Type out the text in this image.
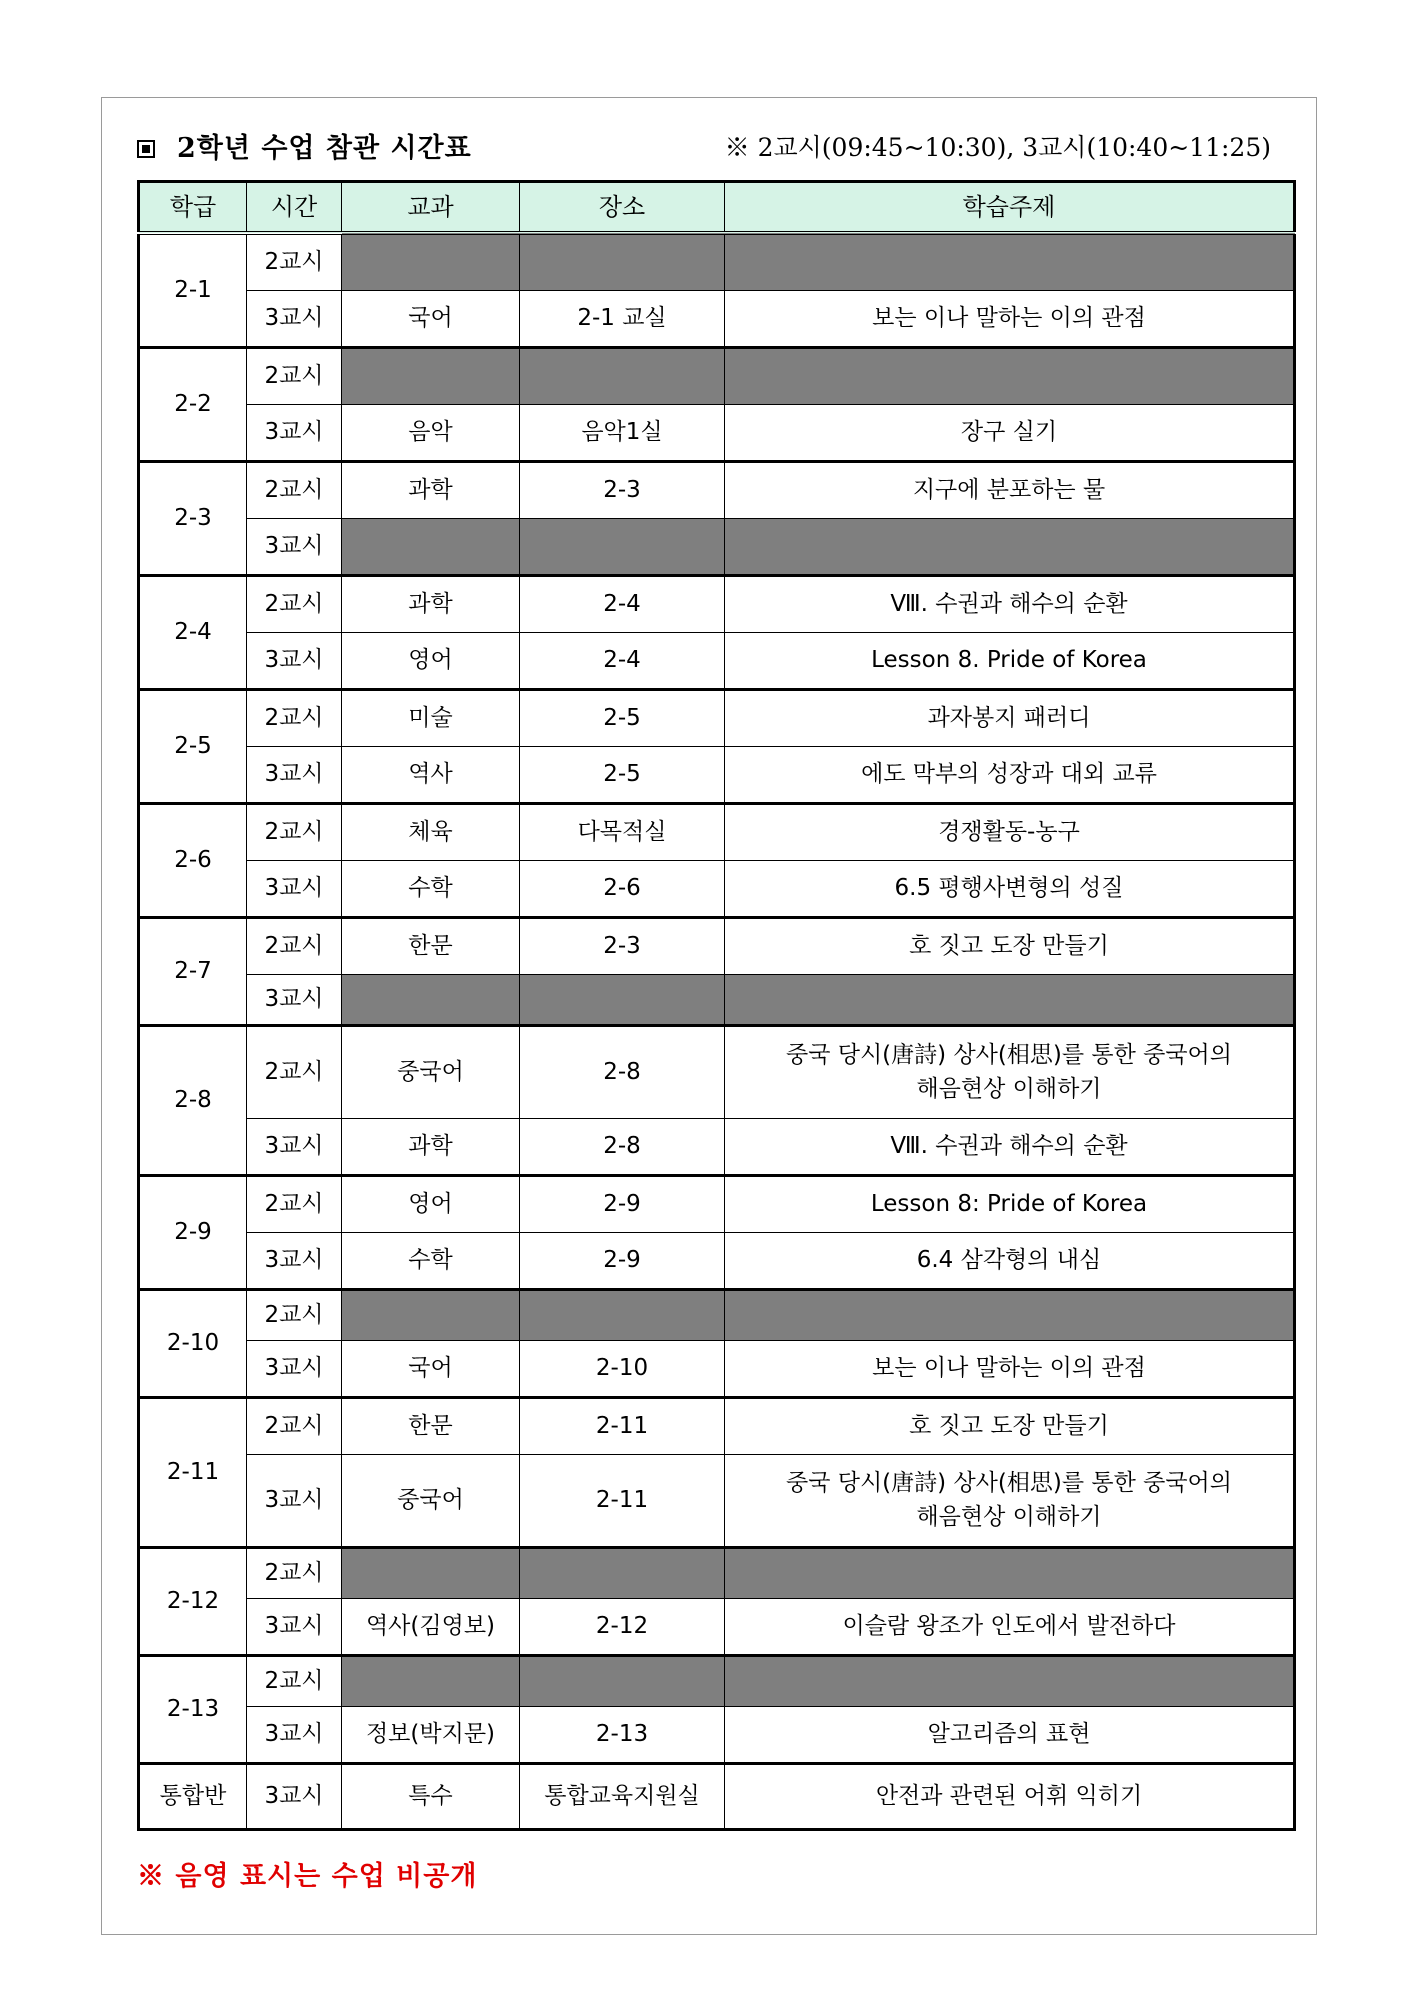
2학년 수업 참관 시간표	※ 2교시(09:45~10:30), 3교시(10:40~11:25)
학급	시간	교과	장소	학습주제
2-1	2교시			
	3교시	국어	2-1 교실	보는 이나 말하는 이의 관점
2-2	2교시			
	3교시	음악	음악1실	장구 실기
2-3	2교시	과학	2-3	지구에 분포하는 물
	3교시			
2-4	2교시	과학	2-4	Ⅷ. 수권과 해수의 순환
	3교시	영어	2-4	Lesson 8. Pride of Korea
2-5	2교시	미술	2-5	과자봉지 패러디
	3교시	역사	2-5	에도 막부의 성장과 대외 교류
2-6	2교시	체육	다목적실	경쟁활동-농구
	3교시	수학	2-6	6.5 평행사변형의 성질
2-7	2교시	한문	2-3	호 짓고 도장 만들기
	3교시			
2-8	2교시	중국어	2-8	중국 당시(唐詩) 상사(相思)를 통한 중국어의
해음현상 이해하기
	3교시	과학	2-8	Ⅷ. 수권과 해수의 순환
2-9	2교시	영어	2-9	Lesson 8: Pride of Korea
	3교시	수학	2-9	6.4 삼각형의 내심
2-10	2교시			
	3교시	국어	2-10	보는 이나 말하는 이의 관점
2-11	2교시	한문	2-11	호 짓고 도장 만들기
	3교시	중국어	2-11	중국 당시(唐詩) 상사(相思)를 통한 중국어의
해음현상 이해하기
2-12	2교시			
	3교시	역사(김영보)	2-12	이슬람 왕조가 인도에서 발전하다
2-13	2교시			
	3교시	정보(박지문)	2-13	알고리즘의 표현
통합반	3교시	특수	통합교육지원실	안전과 관련된 어휘 익히기
※ 음영 표시는 수업 비공개
